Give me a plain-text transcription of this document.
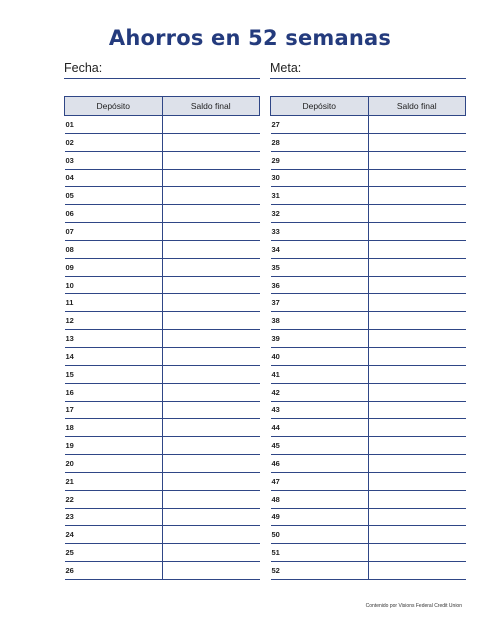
Ahorros en 52 semanas
Fecha:	Meta:
Depósito	Saldo final
01	
02	
03	
04	
05	
06	
07	
08	
09	
10	
11	
12	
13	
14	
15	
16	
17	
18	
19	
20	
21	
22	
23	
24	
25	
26	
Depósito	Saldo final
27	
28	
29	
30	
31	
32	
33	
34	
35	
36	
37	
38	
39	
40	
41	
42	
43	
44	
45	
46	
47	
48	
49	
50	
51	
52	
Contenido por Visions Federal Credit Union
